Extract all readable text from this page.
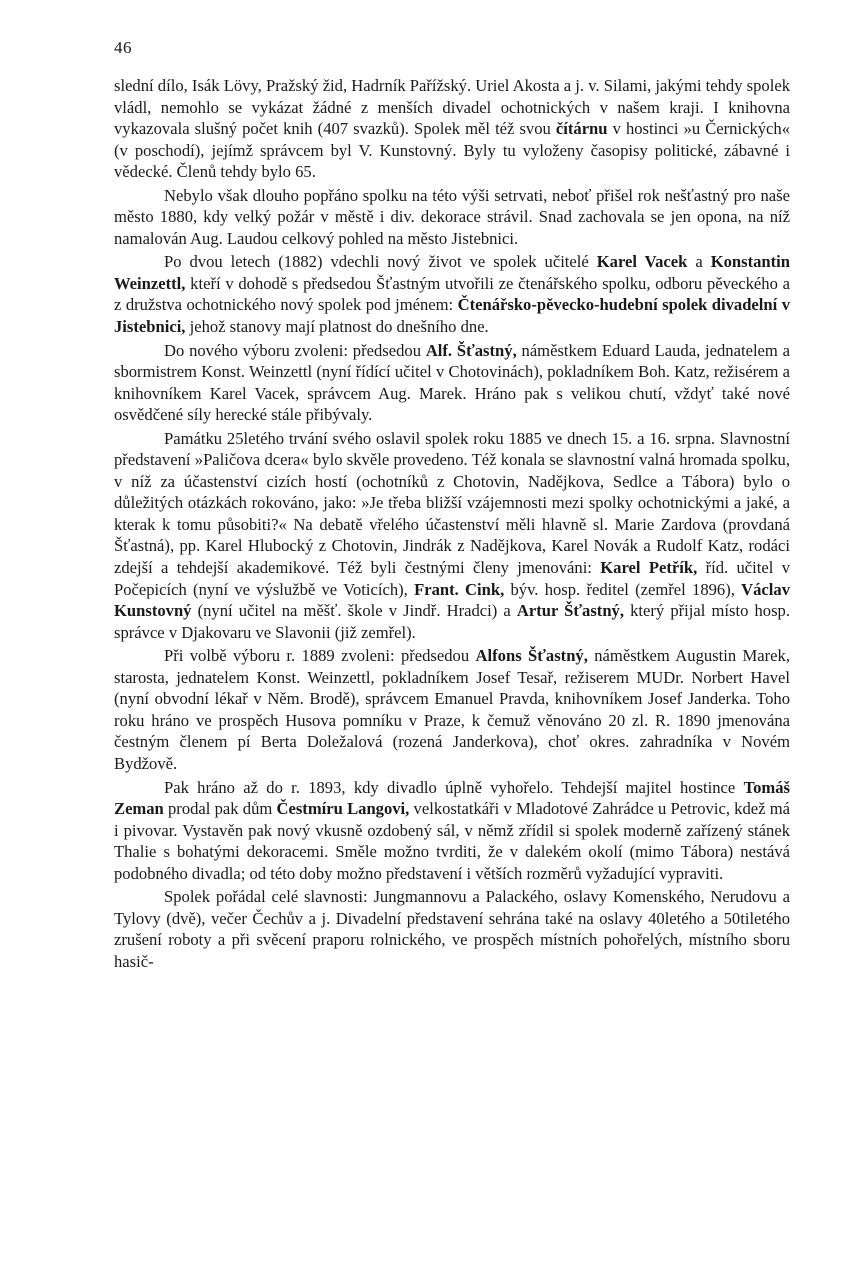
46

slední dílo, Isák Lövy, Pražský žid, Hadrník Pařížský. Uriel Akosta a j. v. Silami, jakými tehdy spolek vládl, nemohlo se vykázat žádné z menších divadel ochotnických v našem kraji. I knihovna vykazovala slušný počet knih (407 svazků). Spolek měl též svou čítárnu v hostinci »u Černických« (v poschodí), jejímž správcem byl V. Kunstovný. Byly tu vyloženy časopisy politické, zábavné i vědecké. Členů tehdy bylo 65.

Nebylo však dlouho popřáno spolku na této výši setrvati, neboť přišel rok nešťastný pro naše město 1880, kdy velký požár v městě i div. dekorace strávil. Snad zachovala se jen opona, na níž namalován Aug. Laudou celkový pohled na město Jistebnici.

Po dvou letech (1882) vdechli nový život ve spolek učitelé Karel Vacek a Konstantin Weinzettl, kteří v dohodě s předsedou Šťastným utvořili ze čtenářského spolku, odboru pěveckého a z družstva ochotnického nový spolek pod jménem: Čtenářsko-pěvecko-hudební spolek divadelní v Jistebnici, jehož stanovy mají platnost do dnešního dne.

Do nového výboru zvoleni: předsedou Alf. Šťastný, náměstkem Eduard Lauda, jednatelem a sbormistrem Konst. Weinzettl (nyní řídící učitel v Chotovinách), pokladníkem Boh. Katz, režisérem a knihovníkem Karel Vacek, správcem Aug. Marek. Hráno pak s velikou chutí, vždyť také nové osvědčené síly herecké stále přibývaly.

Památku 25letého trvání svého oslavil spolek roku 1885 ve dnech 15. a 16. srpna. Slavnostní představení »Paličova dcera« bylo skvěle provedeno. Též konala se slavnostní valná hromada spolku, v níž za účastenství cizích hostí (ochotníků z Chotovin, Nadějkova, Sedlce a Tábora) bylo o důležitých otázkách rokováno, jako: »Je třeba bližší vzájemnosti mezi spolky ochotnickými a jaké, a kterak k tomu působiti?« Na debatě vřelého účastenství měli hlavně sl. Marie Zardova (provdaná Šťastná), pp. Karel Hlubocký z Chotovin, Jindrák z Nadějkova, Karel Novák a Rudolf Katz, rodáci zdejší a tehdejší akademikové. Též byli čestnými členy jmenováni: Karel Petřík, říd. učitel v Počepicích (nyní ve výslužbě ve Voticích), Frant. Cink, býv. hosp. ředitel (zemřel 1896), Václav Kunstovný (nyní učitel na měšť. škole v Jindř. Hradci) a Artur Šťastný, který přijal místo hosp. správce v Djakovaru ve Slavonii (již zemřel).

Při volbě výboru r. 1889 zvoleni: předsedou Alfons Šťastný, náměstkem Augustin Marek, starosta, jednatelem Konst. Weinzettl, pokladníkem Josef Tesař, režiserem MUDr. Norbert Havel (nyní obvodní lékař v Něm. Brodě), správcem Emanuel Pravda, knihovníkem Josef Janderka. Toho roku hráno ve prospěch Husova pomníku v Praze, k čemuž věnováno 20 zl. R. 1890 jmenována čestným členem pí Berta Doležalová (rozená Janderkova), choť okres. zahradníka v Novém Bydžově.

Pak hráno až do r. 1893, kdy divadlo úplně vyhořelo. Tehdejší majitel hostince Tomáš Zeman prodal pak dům Čestmíru Langovi, velkostatkáři v Mladotové Zahrádce u Petrovic, kdež má i pivovar. Vystavěn pak nový vkusně ozdobený sál, v němž zřídil si spolek moderně zařízený stánek Thalie s bohatými dekoracemi. Směle možno tvrditi, že v dalekém okolí (mimo Tábora) nestává podobného divadla; od této doby možno představení i větších rozměrů vyžadující vypraviti.

Spolek pořádal celé slavnosti: Jungmannovu a Palackého, oslavy Komenského, Nerudovu a Tylovy (dvě), večer Čechův a j. Divadelní představení sehrána také na oslavy 40letého a 50tiletého zrušení roboty a při svěcení praporu rolnického, ve prospěch místních pohořelých, místního sboru hasič-
